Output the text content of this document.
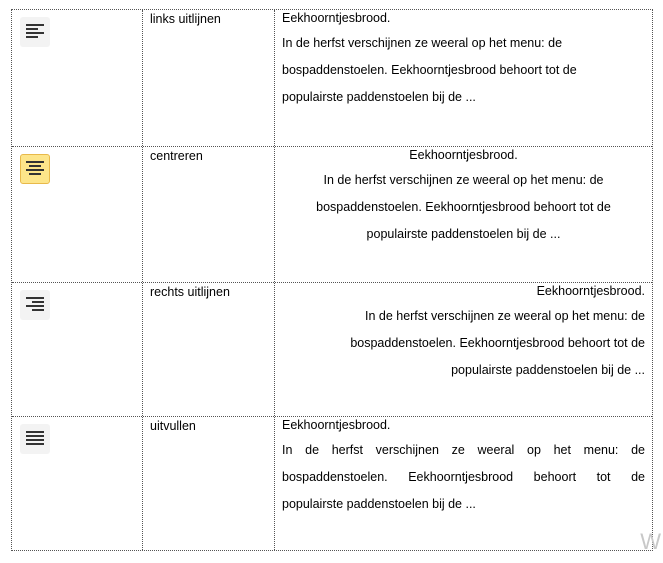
links uitlijnen	Eekhoorntjesbrood.
In de herfst verschijnen ze weeral op het menu: de
bospaddenstoelen. Eekhoorntjesbrood behoort tot de
populairste paddenstoelen bij de ...
centreren	Eekhoorntjesbrood.
In de herfst verschijnen ze weeral op het menu: de
bospaddenstoelen. Eekhoorntjesbrood behoort tot de
populairste paddenstoelen bij de ...
rechts uitlijnen	Eekhoorntjesbrood.
In de herfst verschijnen ze weeral op het menu: de
bospaddenstoelen. Eekhoorntjesbrood behoort tot de
populairste paddenstoelen bij de ...
uitvullen	Eekhoorntjesbrood.
In de herfst verschijnen ze weeral op het menu: de
bospaddenstoelen. Eekhoorntjesbrood behoort tot de
populairste paddenstoelen bij de ...
W
